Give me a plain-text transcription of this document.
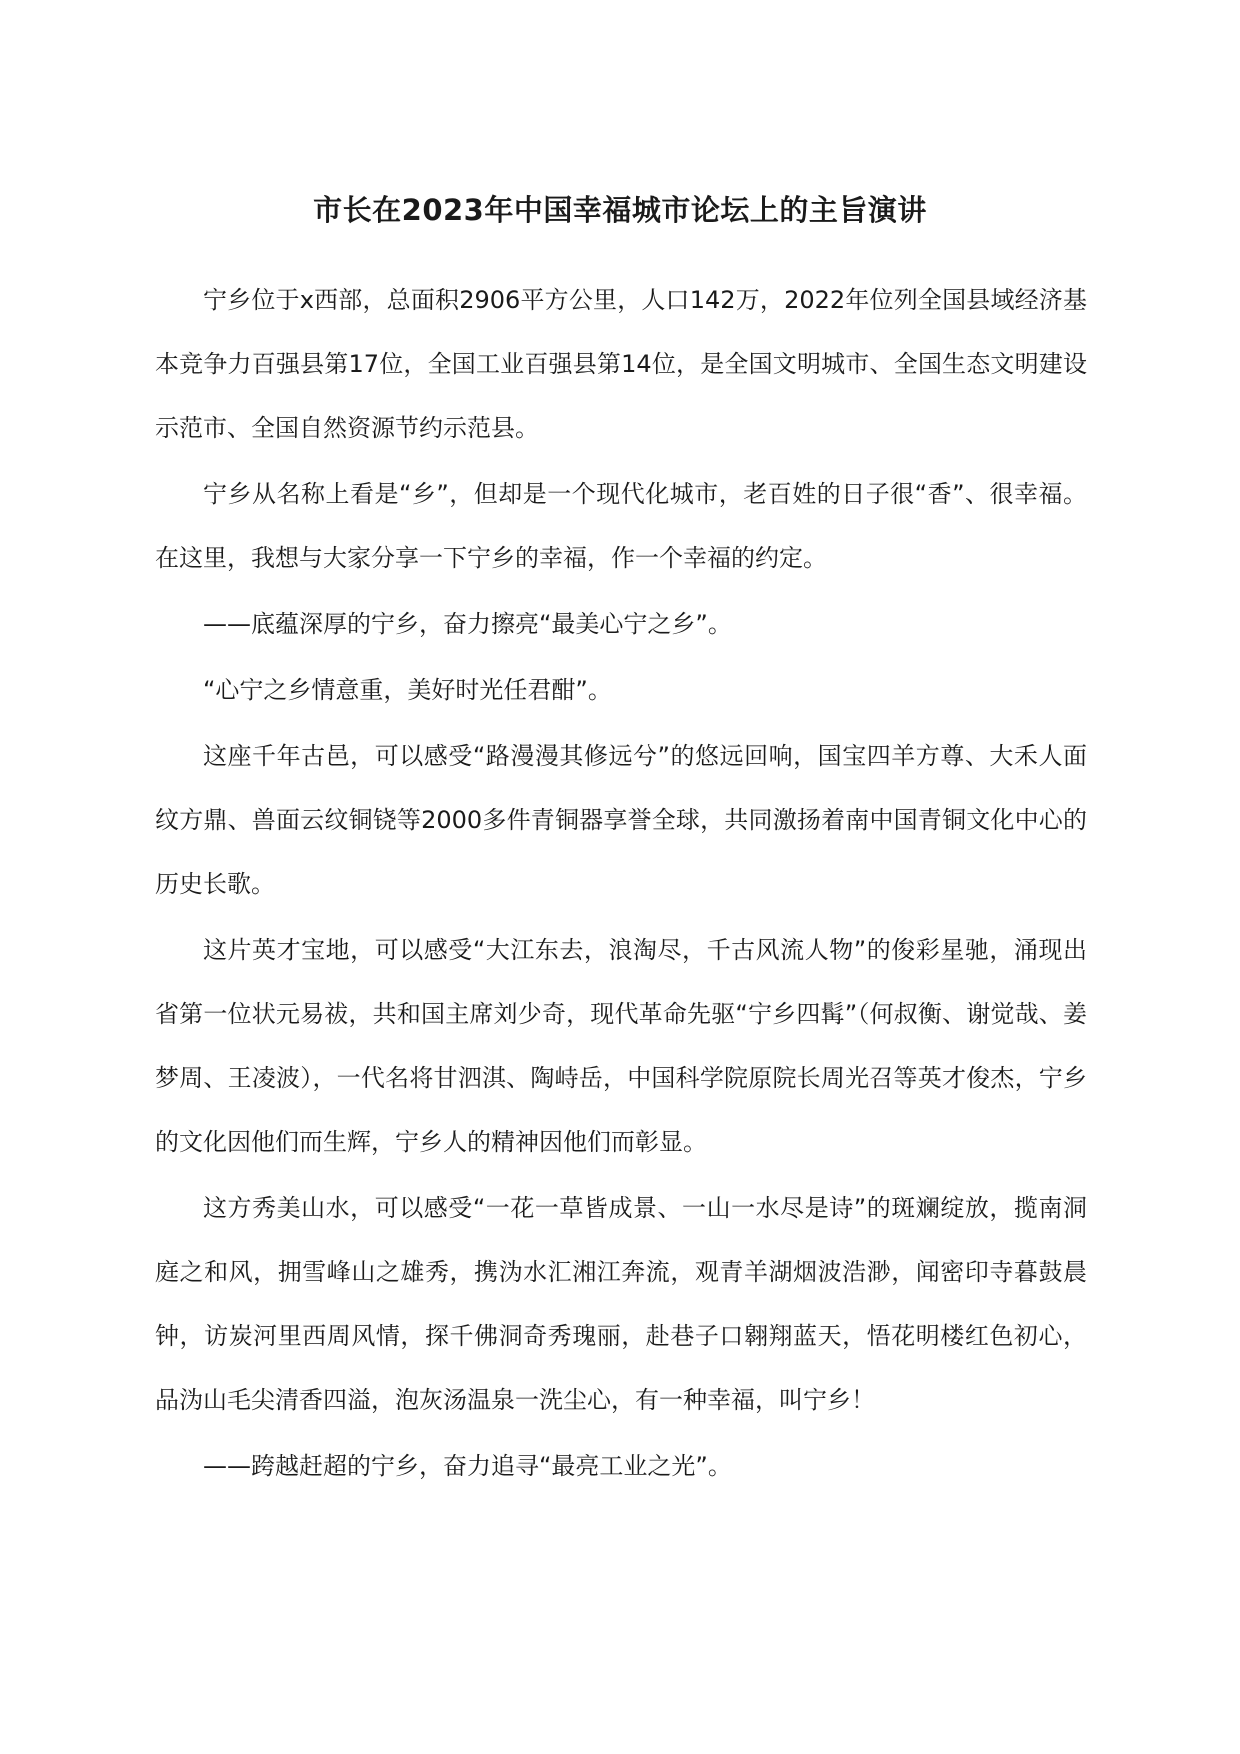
市长在2023年中国幸福城市论坛上的主旨演讲

宁乡位于x西部，总面积2906平方公里，人口142万，2022年位列全国县域经济基本竞争力百强县第17位，全国工业百强县第14位，是全国文明城市、全国生态文明建设示范市、全国自然资源节约示范县。

宁乡从名称上看是“乡”，但却是一个现代化城市，老百姓的日子很“香”、很幸福。在这里，我想与大家分享一下宁乡的幸福，作一个幸福的约定。

——底蕴深厚的宁乡，奋力擦亮“最美心宁之乡”。

“心宁之乡情意重，美好时光任君酣”。

这座千年古邑，可以感受“路漫漫其修远兮”的悠远回响，国宝四羊方尊、大禾人面纹方鼎、兽面云纹铜铙等2000多件青铜器享誉全球，共同激扬着南中国青铜文化中心的历史长歌。

这片英才宝地，可以感受“大江东去，浪淘尽，千古风流人物”的俊彩星驰，涌现出省第一位状元易祓，共和国主席刘少奇，现代革命先驱“宁乡四髯”（何叔衡、谢觉哉、姜梦周、王凌波），一代名将甘泗淇、陶峙岳，中国科学院原院长周光召等英才俊杰，宁乡的文化因他们而生辉，宁乡人的精神因他们而彰显。

这方秀美山水，可以感受“一花一草皆成景、一山一水尽是诗”的斑斓绽放，揽南洞庭之和风，拥雪峰山之雄秀，携沩水汇湘江奔流，观青羊湖烟波浩渺，闻密印寺暮鼓晨钟，访炭河里西周风情，探千佛洞奇秀瑰丽，赴巷子口翱翔蓝天，悟花明楼红色初心，品沩山毛尖清香四溢，泡灰汤温泉一洗尘心，有一种幸福，叫宁乡！

——跨越赶超的宁乡，奋力追寻“最亮工业之光”。
